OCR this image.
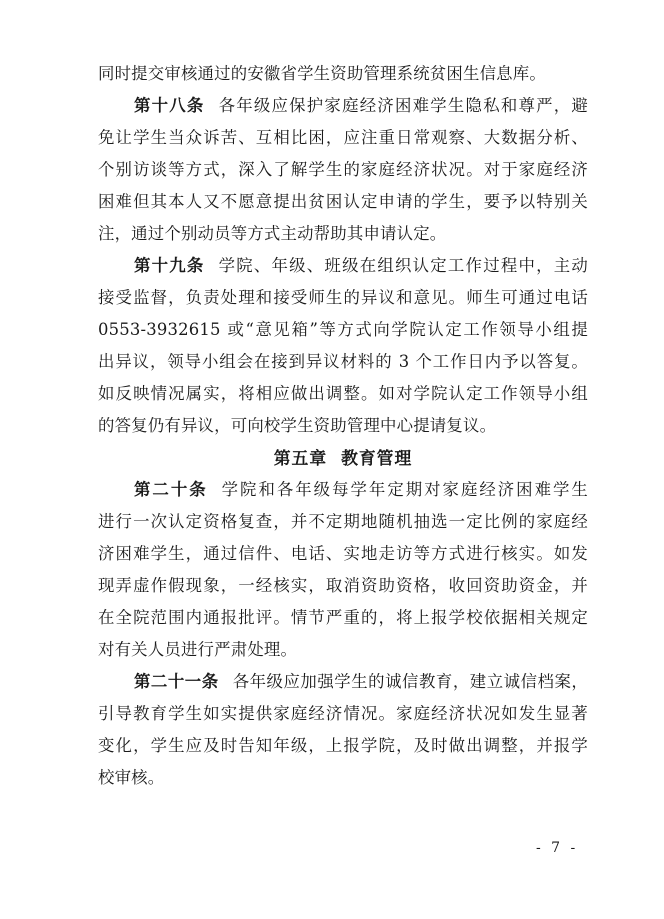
同时提交审核通过的安徽省学生资助管理系统贫困生信息库。
第十八条 各年级应保护家庭经济困难学生隐私和尊严，避
免让学生当众诉苦、互相比困，应注重日常观察、大数据分析、
个别访谈等方式，深入了解学生的家庭经济状况。对于家庭经济
困难但其本人又不愿意提出贫困认定申请的学生，要予以特别关
注，通过个别动员等方式主动帮助其申请认定。
第十九条 学院、年级、班级在组织认定工作过程中，主动
接受监督，负责处理和接受师生的异议和意见。师生可通过电话
0553-3932615 或“意见箱”等方式向学院认定工作领导小组提
出异议，领导小组会在接到异议材料的 3 个工作日内予以答复。
如反映情况属实，将相应做出调整。如对学院认定工作领导小组
的答复仍有异议，可向校学生资助管理中心提请复议。
第五章 教育管理
第二十条 学院和各年级每学年定期对家庭经济困难学生
进行一次认定资格复查，并不定期地随机抽选一定比例的家庭经
济困难学生，通过信件、电话、实地走访等方式进行核实。如发
现弄虚作假现象，一经核实，取消资助资格，收回资助资金，并
在全院范围内通报批评。情节严重的，将上报学校依据相关规定
对有关人员进行严肃处理。
第二十一条 各年级应加强学生的诚信教育，建立诚信档案，
引导教育学生如实提供家庭经济情况。家庭经济状况如发生显著
变化，学生应及时告知年级，上报学院，及时做出调整，并报学
校审核。
- 7 -
